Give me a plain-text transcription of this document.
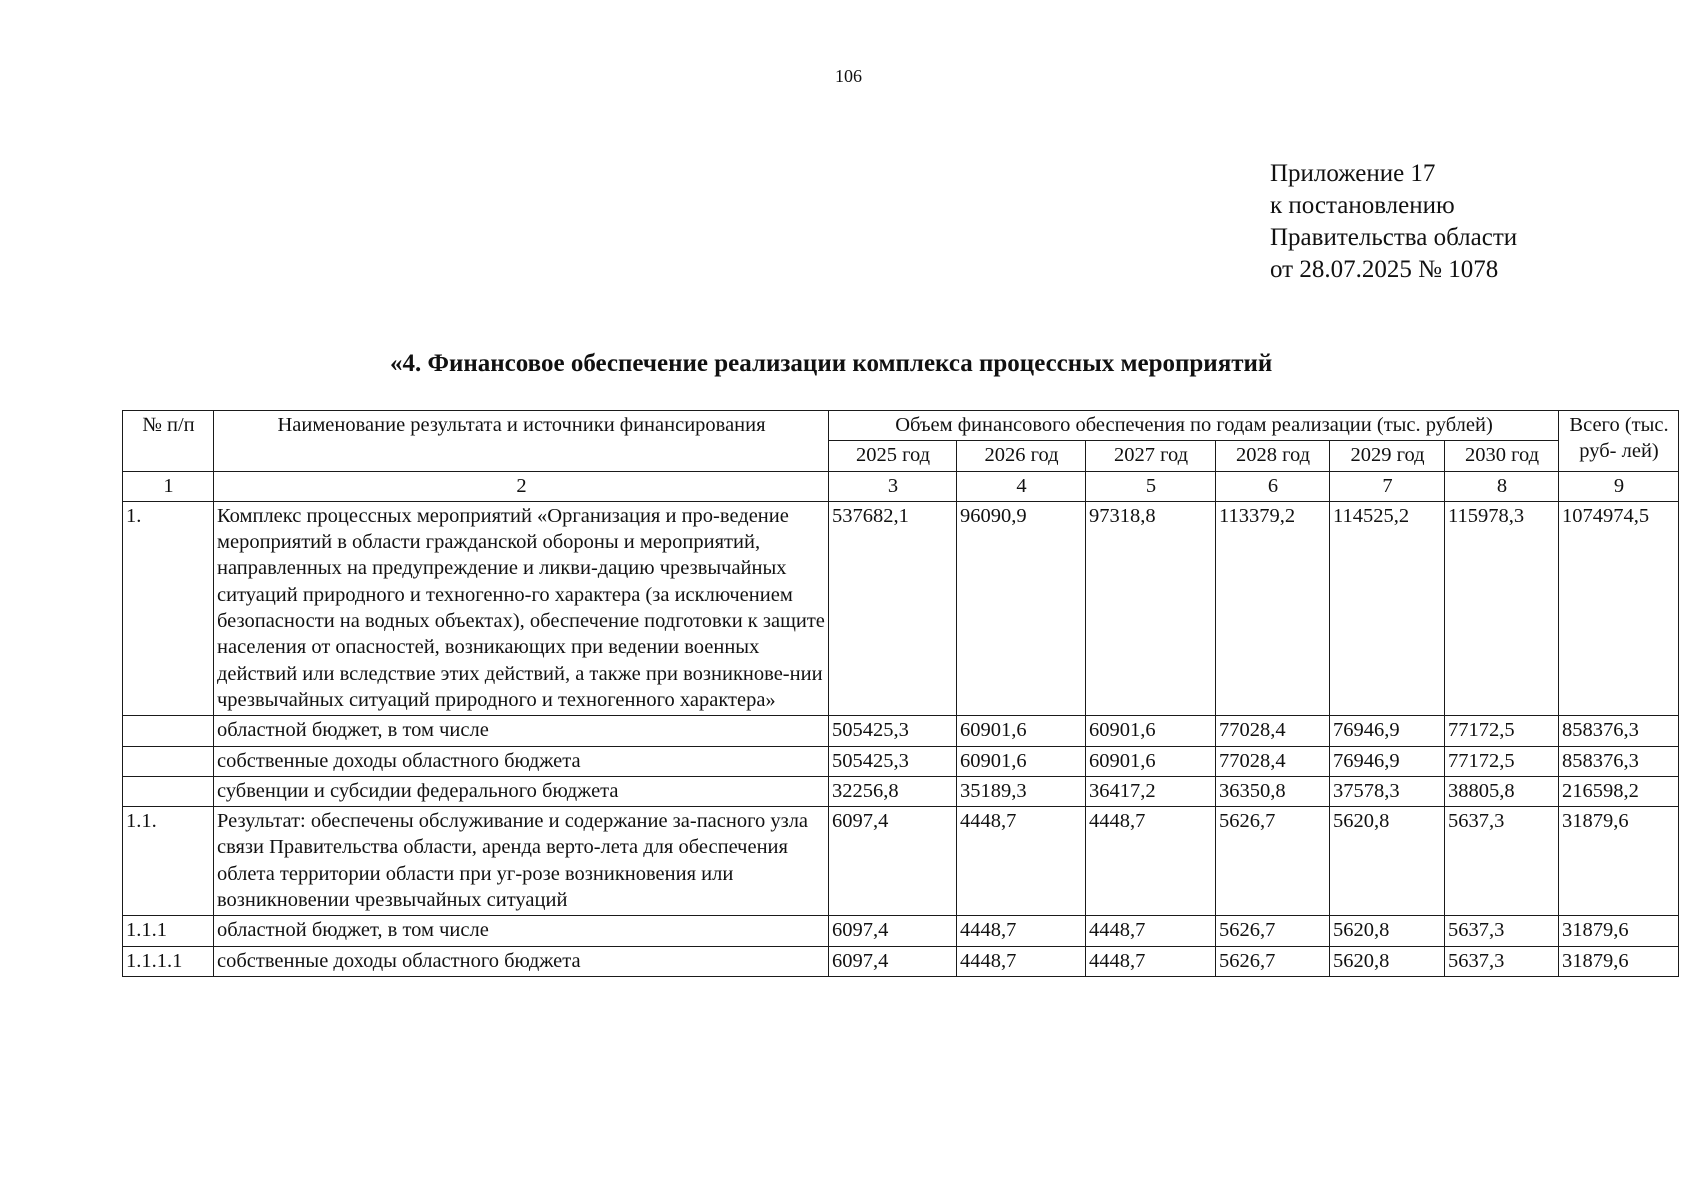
106
Приложение 17
к постановлению
Правительства области
от 28.07.2025 № 1078
«4. Финансовое обеспечение реализации комплекса процессных мероприятий
№ п/п	Наименование результата и источники финансирования	Объем финансового обеспечения по годам реализации (тыс. рублей)						Всего (тыс. руб- лей)
		2025 год	2026 год	2027 год	2028 год	2029 год	2030 год	
1	2	3	4	5	6	7	8	9
1.	Комплекс процессных мероприятий «Организация и про-ведение мероприятий в области гражданской обороны и мероприятий, направленных на предупреждение и ликви-дацию чрезвычайных ситуаций природного и техногенно-го характера (за исключением безопасности на водных объектах), обеспечение подготовки к защите населения от опасностей, возникающих при ведении военных действий или вследствие этих действий, а также при возникнове-нии чрезвычайных ситуаций природного и техногенного характера»	537682,1	96090,9	97318,8	113379,2	114525,2	115978,3	1074974,5
	областной бюджет, в том числе	505425,3	60901,6	60901,6	77028,4	76946,9	77172,5	858376,3
	собственные доходы областного бюджета	505425,3	60901,6	60901,6	77028,4	76946,9	77172,5	858376,3
	субвенции и субсидии федерального бюджета	32256,8	35189,3	36417,2	36350,8	37578,3	38805,8	216598,2
1.1.	Результат: обеспечены обслуживание и содержание за-пасного узла связи Правительства области, аренда верто-лета для обеспечения облета территории области при уг-розе возникновения или возникновении чрезвычайных ситуаций	6097,4	4448,7	4448,7	5626,7	5620,8	5637,3	31879,6
1.1.1	областной бюджет, в том числе	6097,4	4448,7	4448,7	5626,7	5620,8	5637,3	31879,6
1.1.1.1	собственные доходы областного бюджета	6097,4	4448,7	4448,7	5626,7	5620,8	5637,3	31879,6
